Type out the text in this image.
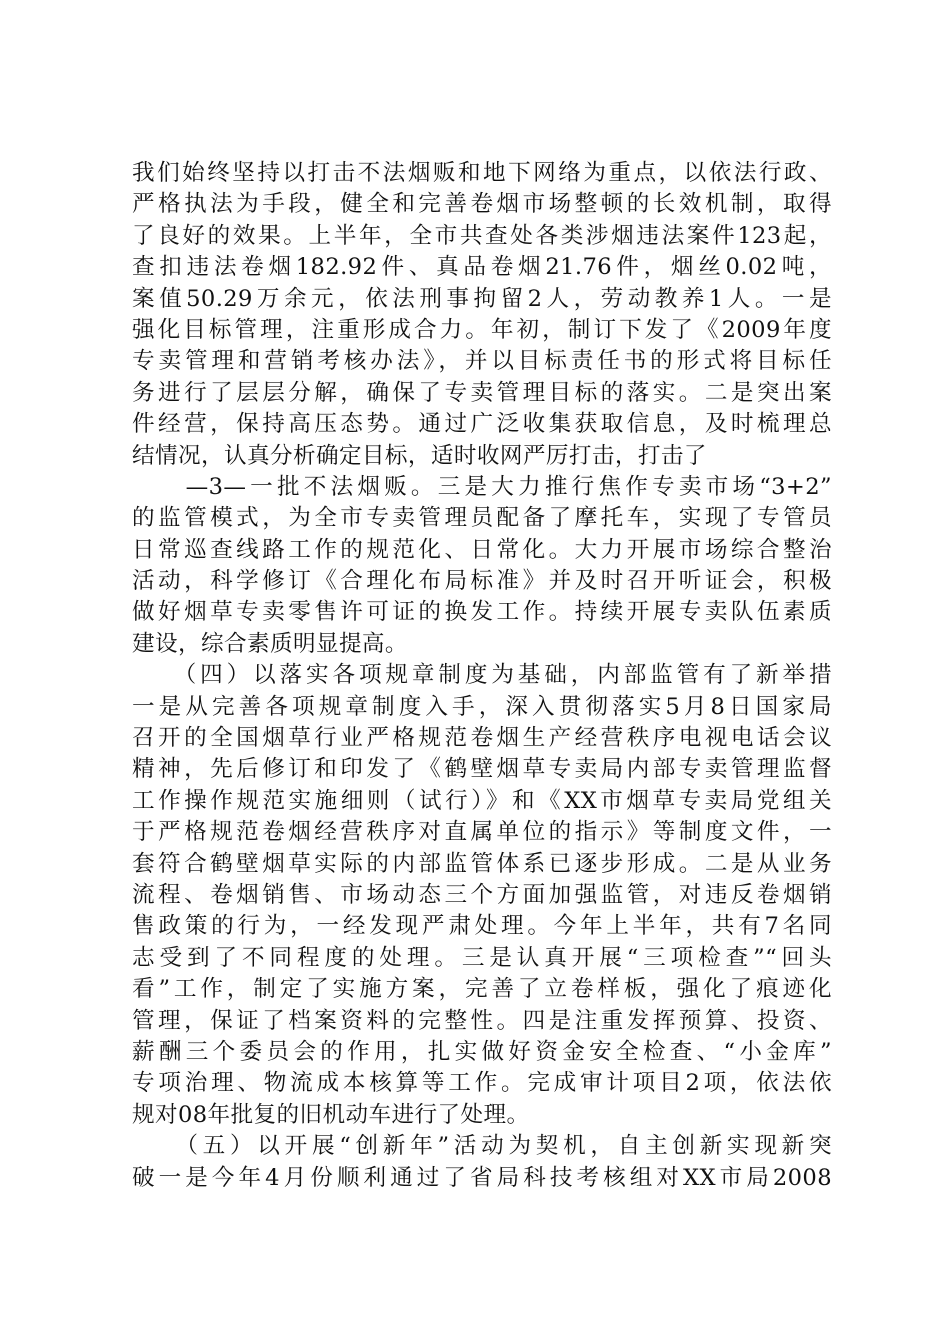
我们始终坚持以打击不法烟贩和地下网络为重点，以依法行政、
严格执法为手段，健全和完善卷烟市场整顿的长效机制，取得
了良好的效果。上半年，全市共查处各类涉烟违法案件123起，
查扣违法卷烟182.92件、真品卷烟21.76件，烟丝0.02吨，
案值50.29万余元，依法刑事拘留2人，劳动教养1人。一是
强化目标管理，注重形成合力。年初，制订下发了《2009年度
专卖管理和营销考核办法》，并以目标责任书的形式将目标任
务进行了层层分解，确保了专卖管理目标的落实。二是突出案
件经营，保持高压态势。通过广泛收集获取信息，及时梳理总
结情况，认真分析确定目标，适时收网严厉打击，打击了
　　—3—一批不法烟贩。三是大力推行焦作专卖市场“3+2”
的监管模式，为全市专卖管理员配备了摩托车，实现了专管员
日常巡查线路工作的规范化、日常化。大力开展市场综合整治
活动，科学修订《合理化布局标准》并及时召开听证会，积极
做好烟草专卖零售许可证的换发工作。持续开展专卖队伍素质
建设，综合素质明显提高。
　　（四）以落实各项规章制度为基础，内部监管有了新举措
一是从完善各项规章制度入手，深入贯彻落实5月8日国家局
召开的全国烟草行业严格规范卷烟生产经营秩序电视电话会议
精神，先后修订和印发了《鹤壁烟草专卖局内部专卖管理监督
工作操作规范实施细则（试行）》和《XX市烟草专卖局党组关
于严格规范卷烟经营秩序对直属单位的指示》等制度文件，一
套符合鹤壁烟草实际的内部监管体系已逐步形成。二是从业务
流程、卷烟销售、市场动态三个方面加强监管，对违反卷烟销
售政策的行为，一经发现严肃处理。今年上半年，共有7名同
志受到了不同程度的处理。三是认真开展“三项检查”“回头
看”工作，制定了实施方案，完善了立卷样板，强化了痕迹化
管理，保证了档案资料的完整性。四是注重发挥预算、投资、
薪酬三个委员会的作用，扎实做好资金安全检查、“小金库”
专项治理、物流成本核算等工作。完成审计项目2项，依法依
规对08年批复的旧机动车进行了处理。
　　（五）以开展“创新年”活动为契机，自主创新实现新突
破一是今年4月份顺利通过了省局科技考核组对XX市局2008
